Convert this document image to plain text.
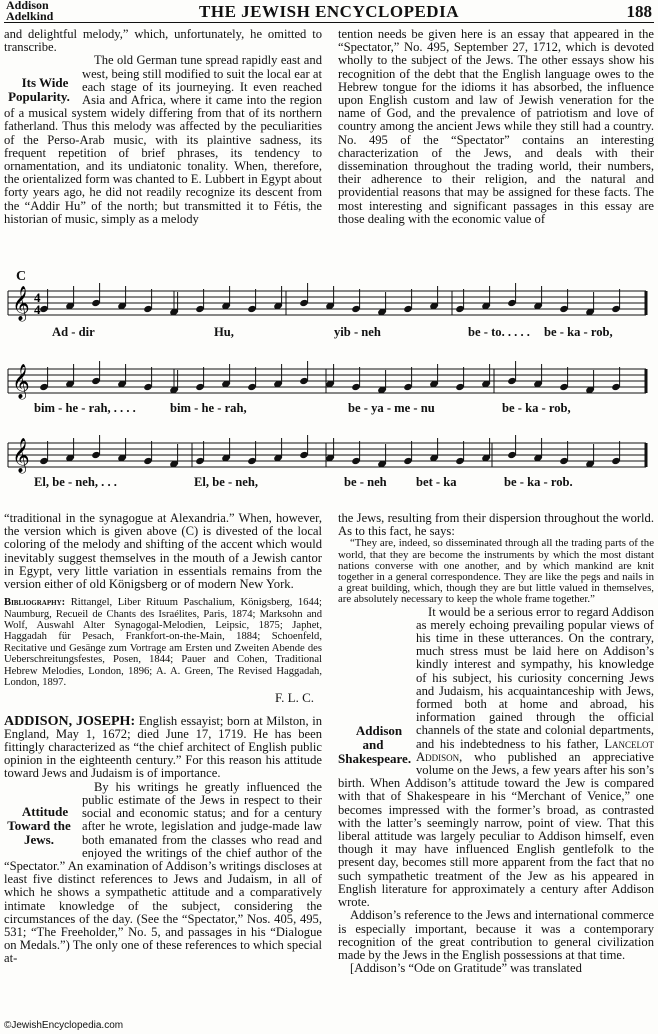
Addison
Adelkind	THE JEWISH ENCYCLOPEDIA	188

and delightful melody,” which, unfortunately, he omitted to transcribe.

Its Wide Popularity.
The old German tune spread rapidly east and west, being still modified to suit the local ear at each stage of its journeying. It even reached Asia and Africa, where it came into the region of a musical system widely differing from that of its northern fatherland. Thus this melody was affected by the peculiarities of the Perso-Arab music, with its plaintive sadness, its frequent repetition of brief phrases, its tendency to ornamentation, and its undiatonic tonality. When, therefore, the orientalized form was chanted to E. Lubbert in Egypt about forty years ago, he did not readily recognize its descent from the “Addir Hu” of the north; but transmitted it to Fétis, the historian of music, simply as a melody

tention needs be given here is an essay that appeared in the “Spectator,” No. 495, September 27, 1712, which is devoted wholly to the subject of the Jews. The other essays show his recognition of the debt that the English language owes to the Hebrew tongue for the idioms it has absorbed, the influence upon English custom and law of Jewish veneration for the name of God, and the prevalence of patriotism and love of country among the ancient Jews while they still had a country. No. 495 of the “Spectator” contains an interesting characterization of the Jews, and deals with their dissemination throughout the trading world, their numbers, their adherence to their religion, and the natural and providential reasons that may be assigned for these facts. The most interesting and significant passages in this essay are those dealing with the economic value of

𝄞
𝄞
𝄞
4
4
C
Ad - dir	Hu,	yib - neh	be - to. . . . . be - ka - rob,
bim - he - rah, . . . .	bim - he - rah,	be - ya - me - nu	be - ka - rob,
El, be - neh, . . .	El, be - neh,	be - neh bet - ka	be - ka - rob.

“traditional in the synagogue at Alexandria.” When, however, the version which is given above (C) is divested of the local coloring of the melody and shifting of the accent which would inevitably suggest themselves in the mouth of a Jewish cantor in Egypt, very little variation in essentials remains from the version either of old Königsberg or of modern New York.

Bibliography: Rittangel, Liber Rituum Paschalium, Königsberg, 1644; Naumburg, Recueil de Chants des Israélites, Paris, 1874; Marksohn and Wolf, Auswahl Alter Synagogal-Melodien, Leipsic, 1875; Japhet, Haggadah für Pesach, Frankfort-on-the-Main, 1884; Schoenfeld, Recitative und Gesänge zum Vortrage am Ersten und Zweiten Abende des Ueberschreitungsfestes, Posen, 1844; Pauer and Cohen, Traditional Hebrew Melodies, London, 1896; A. A. Green, The Revised Haggadah, London, 1897.

F. L. C.

ADDISON, JOSEPH: English essayist; born at Milston, in England, May 1, 1672; died June 17, 1719. He has been fittingly characterized as “the chief architect of English public opinion in the eighteenth century.” For this reason his attitude toward Jews and Judaism is of importance.

Attitude Toward the Jews.
By his writings he greatly influenced the public estimate of the Jews in respect to their social and economic status; and for a century after he wrote, legislation and judge-made law both emanated from the classes who read and enjoyed the writings of the chief author of the “Spectator.” An examination of Addison’s writings discloses at least five distinct references to Jews and Judaism, in all of which he shows a sympathetic attitude and a comparatively intimate knowledge of the subject, considering the circumstances of the day. (See the “Spectator,” Nos. 405, 495, 531; “The Freeholder,” No. 5, and passages in his “Dialogue on Medals.”) The only one of these references to which special at-

the Jews, resulting from their dispersion throughout the world. As to this fact, he says:

“They are, indeed, so disseminated through all the trading parts of the world, that they are become the instruments by which the most distant nations converse with one another, and by which mankind are knit together in a general correspondence. They are like the pegs and nails in a great building, which, though they are but little valued in themselves, are absolutely necessary to keep the whole frame together.”

Addison and Shakespeare.
It would be a serious error to regard Addison as merely echoing prevailing popular views of his time in these utterances. On the contrary, much stress must be laid here on Addison’s kindly interest and sympathy, his knowledge of his subject, his curiosity concerning Jews and Judaism, his acquaintanceship with Jews, formed both at home and abroad, his information gained through the official channels of the state and colonial departments, and his indebtedness to his father, Lancelot Addison, who published an appreciative volume on the Jews, a few years after his son’s birth. When Addison’s attitude toward the Jew is compared with that of Shakespeare in his “Merchant of Venice,” one becomes impressed with the former’s broad, as contrasted with the latter’s seemingly narrow, point of view. That this liberal attitude was largely peculiar to Addison himself, even though it may have influenced English gentlefolk to the present day, becomes still more apparent from the fact that no such sympathetic treatment of the Jew as his appeared in English literature for approximately a century after Addison wrote.

Addison’s reference to the Jews and international commerce is especially important, because it was a contemporary recognition of the great contribution to general civilization made by the Jews in the English possessions at that time.

[Addison’s “Ode on Gratitude” was translated

©JewishEncyclopedia.com
